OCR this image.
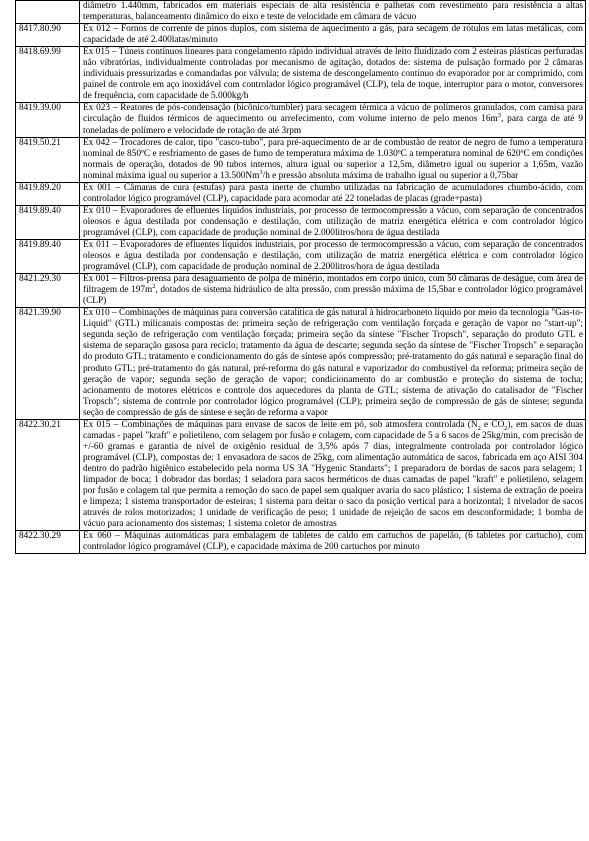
	diâmetro 1.440mm, fabricados em materiais especiais de alta resistência e palhetas com revestimento para resistência a altas temperaturas, balanceamento dinâmico do eixo e teste de velocidade em câmara de vácuo
8417.80.90	Ex 012 – Fornos de corrente de pinos duplos, com sistema de aquecimento a gás, para secagem de rótulos em latas metálicas, com capacidade de até 2.400latas/minuto
8418.69.99	Ex 015 – Túneis contínuos lineares para congelamento rápido individual através de leito fluidizado com 2 esteiras plásticas perfuradas não vibratórias, individualmente controladas por mecanismo de agitação, dotados de: sistema de pulsação formado por 2 câmaras individuais pressurizadas e comandadas por válvula; de sistema de descongelamento contínuo do evaporador por ar comprimido, com painel de controle em aço inoxidável com controlador lógico programável (CLP), tela de toque, interruptor para o motor, conversores de frequência, com capacidade de 5.000kg/h
8419.39.00	Ex 023 – Reatores de pós-condensação (bicônico/tumbler) para secagem térmica a vácuo de polímeros granulados, com camisa para circulação de fluidos térmicos de aquecimento ou arrefecimento, com volume interno de pelo menos $16m^3$, para carga de até 9 toneladas de polímero e velocidade de rotação de até 3rpm
8419.50.21	Ex 042 – Trocadores de calor, tipo "casco-tubo", para pré-aquecimento de ar de combustão de reator de negro de fumo a temperatura nominal de 850ºC e resfriamento de gases de fumo de temperatura máxima de 1.030ºC a temperatura nominal de 620ºC em condições normais de operação, dotados de 90 tubos internos, altura igual ou superior a 12,5m, diâmetro igual ou superior a 1,65m, vazão nominal máxima igual ou superior a 13.500Nm$^3$/h e pressão absoluta máxima de trabalho igual ou superior a 0,75bar
8419.89.20	Ex 001 – Câmaras de cura (estufas) para pasta inerte de chumbo utilizadas na fabricação de acumuladores chumbo-ácido, com controlador lógico programável (CLP), capacidade para acomodar até 22 toneladas de placas (grade+pasta)
8419.89.40	Ex 010 – Evaporadores de efluentes líquidos industriais, por processo de termocompressão a vácuo, com separação de concentrados oleosos e água destilada por condensação e destilação, com utilização de matriz energética elétrica e com controlador lógico programável (CLP), com capacidade de produção nominal de 2.000litros/hora de água destilada
8419.89.40	Ex 011 – Evaporadores de efluentes líquidos industriais, por processo de termocompressão a vácuo, com separação de concentrados oleosos e água destilada por condensação e destilação, com utilização de matriz energética elétrica e com controlador lógico programável (CLP), com capacidade de produção nominal de 2.200litros/hora de água destilada
8421.29.30	Ex 001 – Filtros-prensa para desaguamento de polpa de minério, montados em corpo único, com 50 câmaras de deságue, com área de filtragem de $197m^2$, dotados de sistema hidráulico de alta pressão, com pressão máxima de 15,5bar e controlador lógico programável (CLP)
8421.39.90	Ex 010 – Combinações de máquinas para conversão catalítica de gás natural à hidrocarboneto líquido por meio da tecnologia "Gas-to-Liquid" (GTL) milicanais compostas de: primeira seção de refrigeração com ventilação forçada e geração de vapor no "start-up"; segunda seção de refrigeração com ventilação forçada; primeira seção da síntese "Fischer Tropsch", separação do produto GTL e sistema de separação gasosa para reciclo; tratamento da água de descarte; segunda seção da síntese de "Fischer Tropsch" e separação do produto GTL; tratamento e condicionamento do gás de síntese após compressão; pré-tratamento do gás natural e separação final do produto GTL; pré-tratamento do gás natural, pré-reforma do gás natural e vaporizador do combustível da reforma; primeira seção de geração de vapor; segunda seção de geração de vapor; condicionamento do ar combustão e proteção do sistema de tocha; acionamento de motores elétricos e controle dos aquecedores da planta de GTL; sistema de ativação do catalisador de "Fischer Tropsch"; sistema de controle por controlador lógico programável (CLP); primeira seção de compressão de gás de síntese; segunda seção de compressão de gás de síntese e seção de reforma a vapor
8422.30.21	Ex 015 – Combinações de máquinas para envase de sacos de leite em pó, sob atmosfera controlada ($N_2$ e $CO_2$), em sacos de duas camadas - papel "kraft" e polietileno, com selagem por fusão e colagem, com capacidade de 5 a 6 sacos de 25kg/min, com precisão de +/-60 gramas e garantia de nível de oxigênio residual de 3,5% após 7 dias, integralmente controlada por controlador lógico programável (CLP), compostas de: 1 envasadora de sacos de 25kg, com alimentação automática de sacos, fabricada em aço AISI 304 dentro do padrão higiênico estabelecido pela norma US 3A "Hygenic Standarts"; 1 preparadora de bordas de sacos para selagem; 1 limpador de boca; 1 dobrador das bordas; 1 seladora para sacos herméticos de duas camadas de papel "kraft" e polietileno, selagem por fusão e colagem tal que permita a remoção do saco de papel sem qualquer avaria do saco plástico; 1 sistema de extração de poeira e limpeza; 1 sistema transportador de esteiras; 1 sistema para deitar o saco da posição vertical para a horizontal; 1 nivelador de sacos através de rolos motorizados; 1 unidade de verificação de peso; 1 unidade de rejeição de sacos em desconformidade; 1 bomba de vácuo para acionamento dos sistemas; 1 sistema coletor de amostras
8422.30.29	Ex 060 – Máquinas automáticas para embalagem de tabletes de caldo em cartuchos de papelão, (6 tabletes por cartucho), com controlador lógico programável (CLP), e capacidade máxima de 200 cartuchos por minuto
